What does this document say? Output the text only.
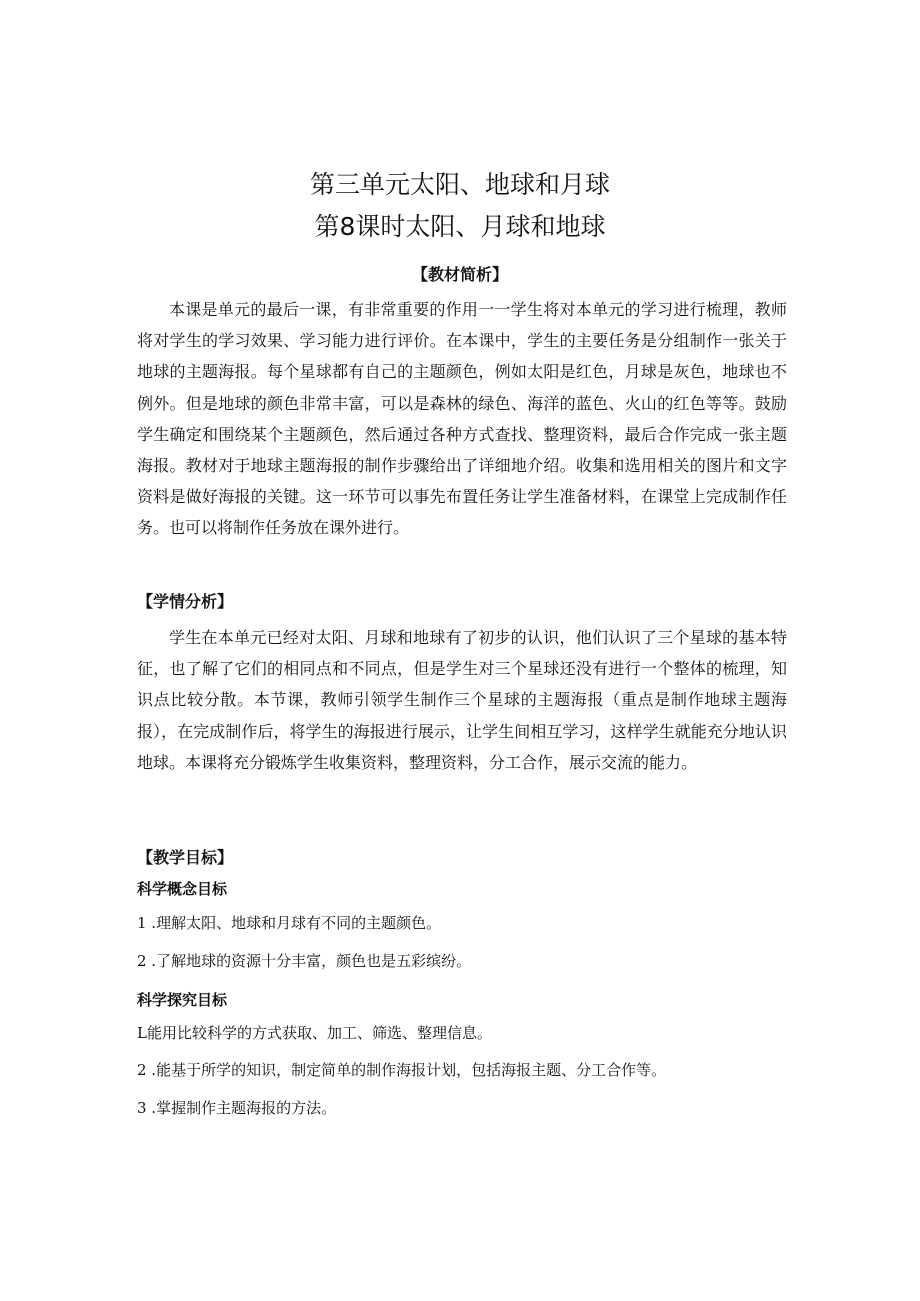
第三单元太阳、地球和月球
第8课时太阳、月球和地球
【教材简析】

本课是单元的最后一课，有非常重要的作用一一学生将对本单元的学习进行梳理，教师将对学生的学习效果、学习能力进行评价。在本课中，学生的主要任务是分组制作一张关于地球的主题海报。每个星球都有自己的主题颜色，例如太阳是红色，月球是灰色，地球也不例外。但是地球的颜色非常丰富，可以是森林的绿色、海洋的蓝色、火山的红色等等。鼓励学生确定和围绕某个主题颜色，然后通过各种方式查找、整理资料，最后合作完成一张主题海报。教材对于地球主题海报的制作步骤给出了详细地介绍。收集和选用相关的图片和文字资料是做好海报的关键。这一环节可以事先布置任务让学生准备材料，在课堂上完成制作任务。也可以将制作任务放在课外进行。

【学情分析】

学生在本单元已经对太阳、月球和地球有了初步的认识，他们认识了三个星球的基本特征，也了解了它们的相同点和不同点，但是学生对三个星球还没有进行一个整体的梳理，知识点比较分散。本节课，教师引领学生制作三个星球的主题海报（重点是制作地球主题海报），在完成制作后，将学生的海报进行展示，让学生间相互学习，这样学生就能充分地认识地球。本课将充分锻炼学生收集资料，整理资料，分工合作，展示交流的能力。

【教学目标】
科学概念目标

1 .理解太阳、地球和月球有不同的主题颜色。

2 .了解地球的资源十分丰富，颜色也是五彩缤纷。

科学探究目标

L能用比较科学的方式获取、加工、筛选、整理信息。

2 .能基于所学的知识，制定简单的制作海报计划，包括海报主题、分工合作等。

3 .掌握制作主题海报的方法。
